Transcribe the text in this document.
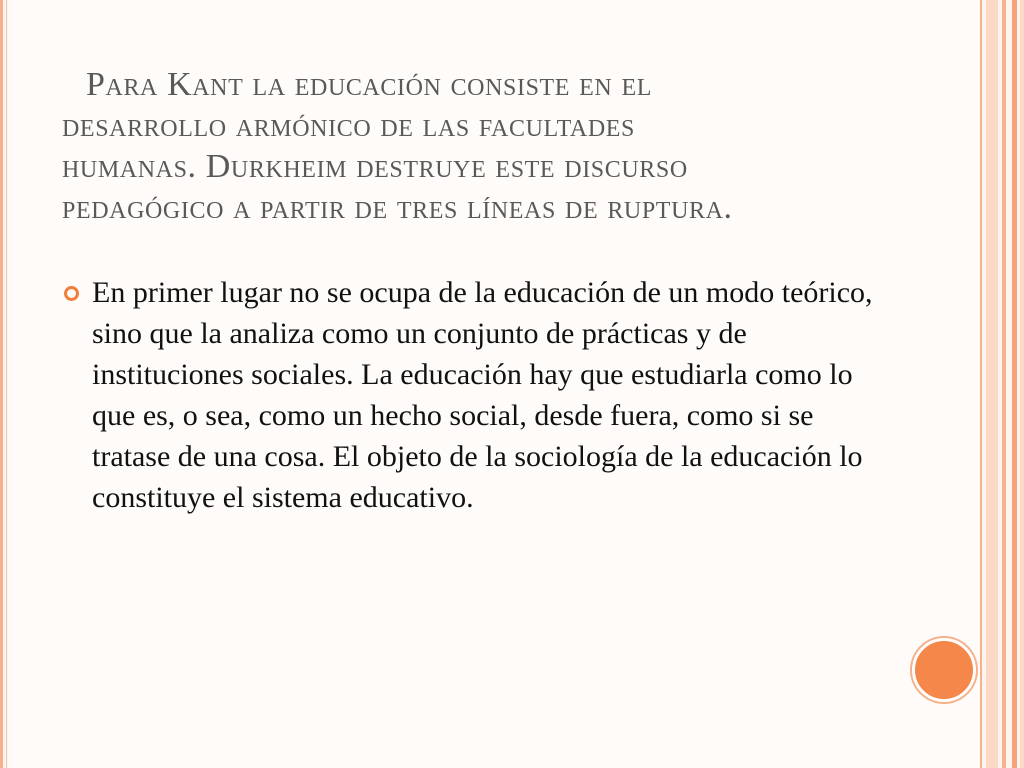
Para Kant la educación consiste en el
desarrollo armónico de las facultades
humanas. Durkheim destruye este discurso
pedagógico a partir de tres líneas de ruptura.
En primer lugar no se ocupa de la educación de un modo teórico, sino que la analiza como un conjunto de prácticas y de instituciones sociales. La educación hay que estudiarla como lo que es, o sea, como un hecho social, desde fuera, como si se tratase de una cosa. El objeto de la sociología de la educación lo constituye el sistema educativo.
